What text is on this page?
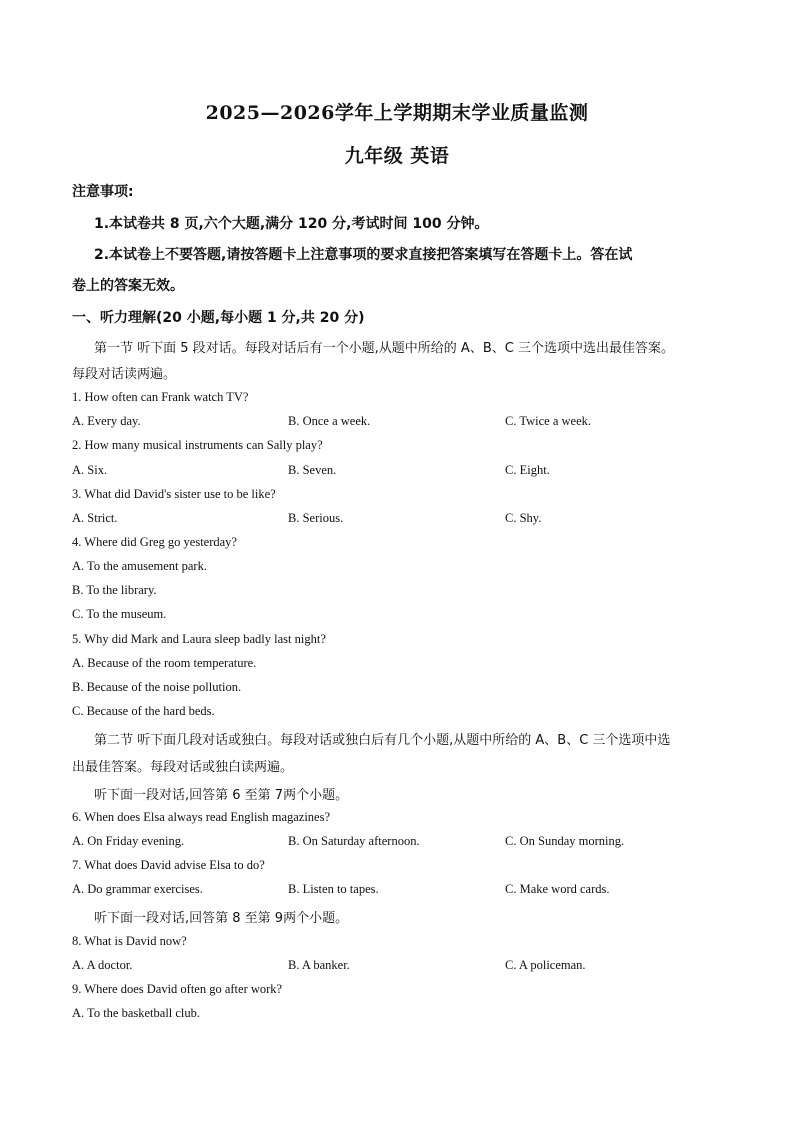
2025—2026学年上学期期末学业质量监测
九年级 英语
注意事项:
1.本试卷共 8 页,六个大题,满分 120 分,考试时间 100 分钟。
2.本试卷上不要答题,请按答题卡上注意事项的要求直接把答案填写在答题卡上。答在试
卷上的答案无效。
一、听力理解(20 小题,每小题 1 分,共 20 分)
第一节 听下面 5 段对话。每段对话后有一个小题,从题中所给的 A、B、C 三个选项中选出最佳答案。
每段对话读两遍。
1. How often can Frank watch TV?
A. Every day.	B. Once a week.	C. Twice a week.
2. How many musical instruments can Sally play?
A. Six.	B. Seven.	C. Eight.
3. What did David's sister use to be like?
A. Strict.	B. Serious.	C. Shy.
4. Where did Greg go yesterday?
A. To the amusement park.
B. To the library.
C. To the museum.
5. Why did Mark and Laura sleep badly last night?
A. Because of the room temperature.
B. Because of the noise pollution.
C. Because of the hard beds.
第二节 听下面几段对话或独白。每段对话或独白后有几个小题,从题中所给的 A、B、C 三个选项中选
出最佳答案。每段对话或独白读两遍。
听下面一段对话,回答第 6 至第 7两个小题。
6. When does Elsa always read English magazines?
A. On Friday evening.	B. On Saturday afternoon.	C. On Sunday morning.
7. What does David advise Elsa to do?
A. Do grammar exercises.	B. Listen to tapes.	C. Make word cards.
听下面一段对话,回答第 8 至第 9两个小题。
8. What is David now?
A. A doctor.	B. A banker.	C. A policeman.
9. Where does David often go after work?
A. To the basketball club.
